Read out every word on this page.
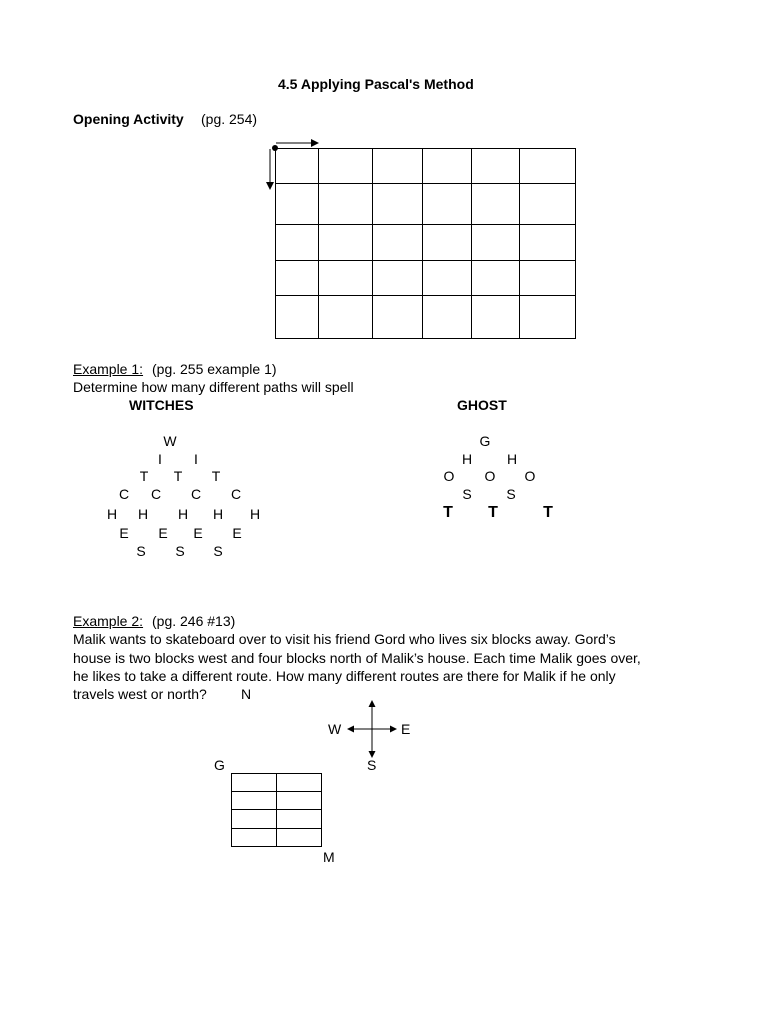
4.5 Applying Pascal's Method
Opening Activity (pg. 254)
Example 1: (pg. 255 example 1)
Determine how many different paths will spell
WITCHES	GHOST
W
I I
T T T
C C C C
H H H H H
E E E E
S S S
G
H H
O O O
S S
T T	T
Example 2: (pg. 246 #13)
Malik wants to skateboard over to visit his friend Gord who lives six blocks away. Gord’s
house is two blocks west and four blocks north of Malik’s house. Each time Malik goes over,
he likes to take a different route. How many different routes are there for Malik if he only
travels west or north? N
W	E
S
G
M
